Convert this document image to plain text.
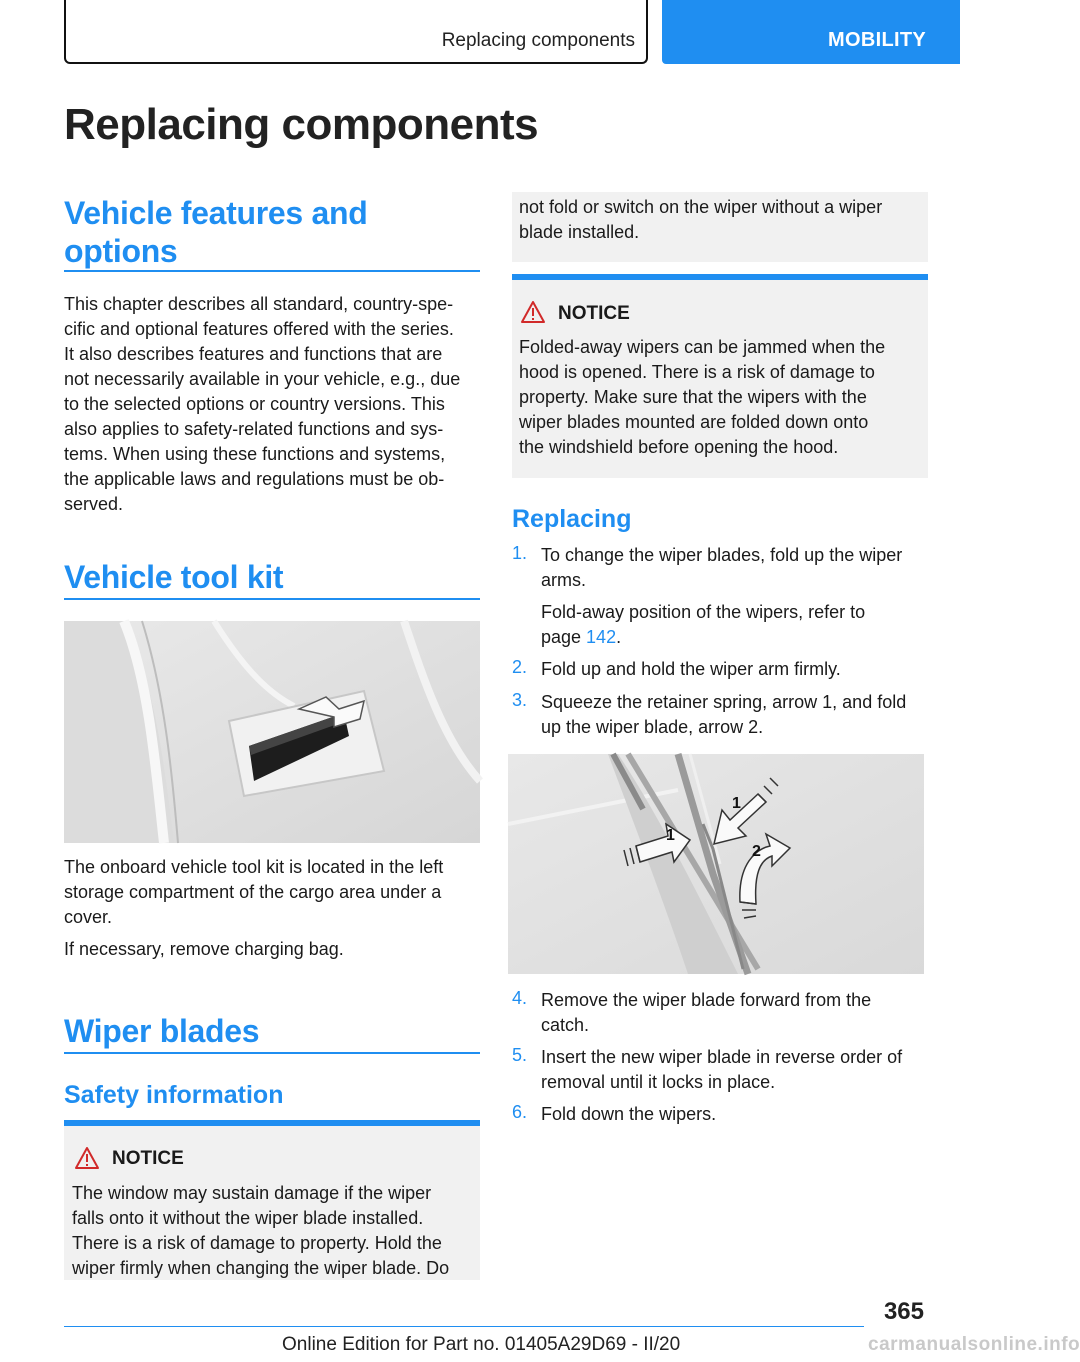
Replacing components	MOBILITY
Replacing components
Vehicle features and
options
This chapter describes all standard, country-spe-
cific and optional features offered with the series.
It also describes features and functions that are
not necessarily available in your vehicle, e.g., due
to the selected options or country versions. This
also applies to safety-related functions and sys-
tems. When using these functions and systems,
the applicable laws and regulations must be ob-
served.
Vehicle tool kit
The onboard vehicle tool kit is located in the left
storage compartment of the cargo area under a
cover.
If necessary, remove charging bag.
Wiper blades
Safety information
NOTICE
The window may sustain damage if the wiper
falls onto it without the wiper blade installed.
There is a risk of damage to property. Hold the
wiper firmly when changing the wiper blade. Do
not fold or switch on the wiper without a wiper
blade installed.
NOTICE
Folded-away wipers can be jammed when the
hood is opened. There is a risk of damage to
property. Make sure that the wipers with the
wiper blades mounted are folded down onto
the windshield before opening the hood.
Replacing
1. To change the wiper blades, fold up the wiper
arms.
Fold-away position of the wipers, refer to
page 142.
2. Fold up and hold the wiper arm firmly.
3. Squeeze the retainer spring, arrow 1, and fold
up the wiper blade, arrow 2.
1
1
2
4. Remove the wiper blade forward from the
catch.
5. Insert the new wiper blade in reverse order of
removal until it locks in place.
6. Fold down the wipers.
365
Online Edition for Part no. 01405A29D69 - II/20	carmanualsonline.info
